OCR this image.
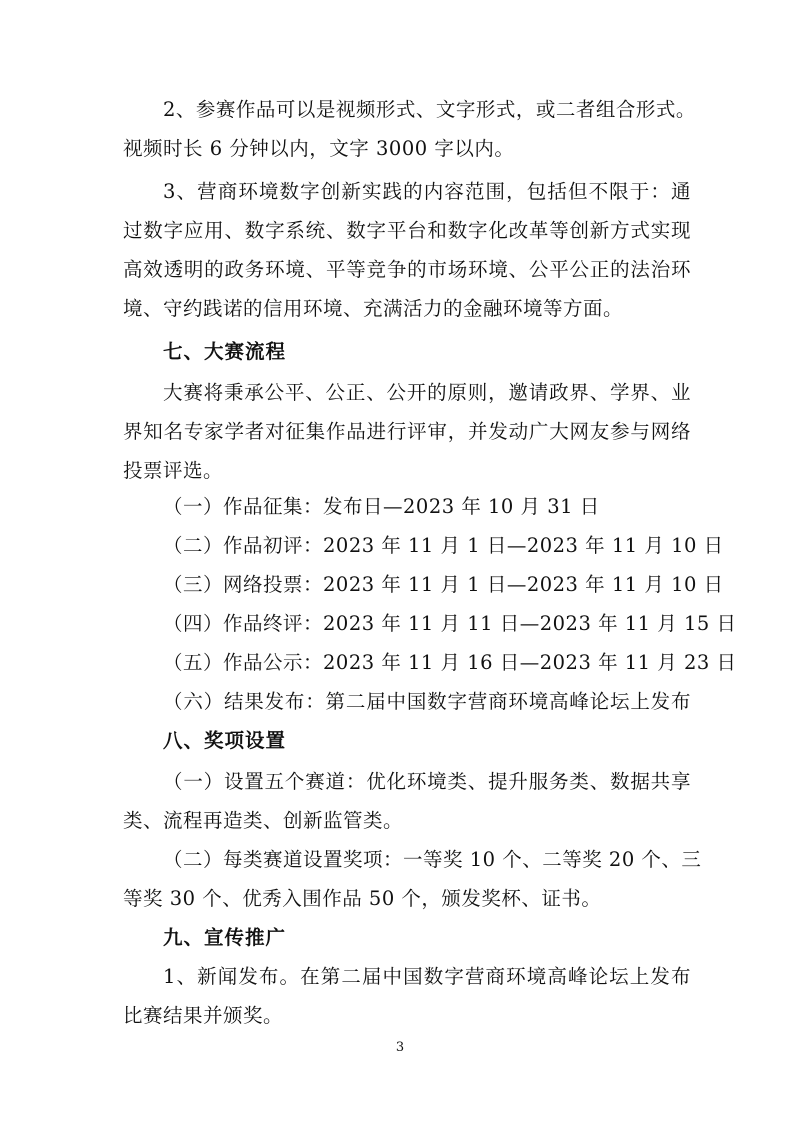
2、参赛作品可以是视频形式、文字形式，或二者组合形式。
视频时长 6 分钟以内，文字 3000 字以内。
3、营商环境数字创新实践的内容范围，包括但不限于：通
过数字应用、数字系统、数字平台和数字化改革等创新方式实现
高效透明的政务环境、平等竞争的市场环境、公平公正的法治环
境、守约践诺的信用环境、充满活力的金融环境等方面。
七、大赛流程
大赛将秉承公平、公正、公开的原则，邀请政界、学界、业
界知名专家学者对征集作品进行评审，并发动广大网友参与网络
投票评选。
（一）作品征集：发布日—2023 年 10 月 31 日
（二）作品初评：2023 年 11 月 1 日—2023 年 11 月 10 日
（三）网络投票：2023 年 11 月 1 日—2023 年 11 月 10 日
（四）作品终评：2023 年 11 月 11 日—2023 年 11 月 15 日
（五）作品公示：2023 年 11 月 16 日—2023 年 11 月 23 日
（六）结果发布：第二届中国数字营商环境高峰论坛上发布
八、奖项设置
（一）设置五个赛道：优化环境类、提升服务类、数据共享
类、流程再造类、创新监管类。
（二）每类赛道设置奖项：一等奖 10 个、二等奖 20 个、三
等奖 30 个、优秀入围作品 50 个，颁发奖杯、证书。
九、宣传推广
1、新闻发布。在第二届中国数字营商环境高峰论坛上发布
比赛结果并颁奖。
3
